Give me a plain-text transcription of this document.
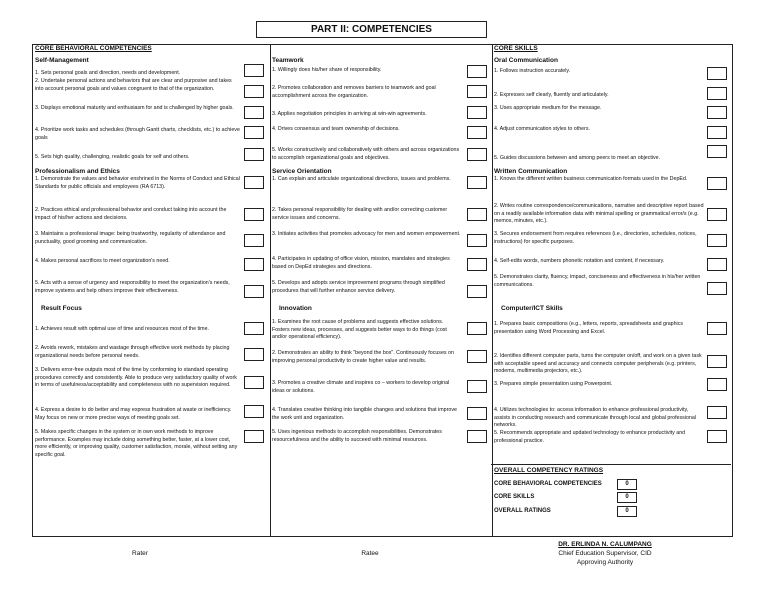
PART II: COMPETENCIES
CORE BEHAVIORAL COMPETENCIES
Self-Management
1. Sets personal goals and direction, needs and development.
2. Undertake personal actions and behaviors that are clear and purposive and takes into account personal goals and values congruent to that of the organization.
3. Displays emotional maturity and enthusiasm for and is challenged by higher goals.
4. Prioritize work tasks and schedules (through Gantt charts, checklists, etc.) to achieve goals
5. Sets high quality, challenging, realistic goals for self and others.
Professionalism and Ethics
1. Demonstrate the values and behavior enshrined in the Norms of Conduct and Ethical Standards for public officials and employees (RA 6713).
2. Practices ethical and professional behavior and conduct taking into account the impact of his/her actions and decisions.
3. Maintains a professional image: being trustworthy, regularity of attendance and punctuality, good grooming and communication.
4. Makes personal sacrifices to meet organization's need.
5. Acts with a sense of urgency and responsibility to meet the organization's needs, improve systems and help others improve their effectiveness.
Result Focus
1. Achieves result with optimal use of time and resources most of the time.
2. Avoids rework, mistakes and wastage through effective work methods by placing organizational needs before personal needs.
3. Delivers error-free outputs most of the time by conforming to standard operating procedures correctly and consistently. Able to produce very satisfactory quality of work in terms of usefulness/acceptability and completeness with no supervision required.
4. Express a desire to do better and may express frustration at waste or inefficiency. May focus on new or more precise ways of meeting goals set.
5. Makes specific changes in the system or in own work methods to improve performance. Examples may include doing something better, faster, at a lower cost, more efficiently, or improving quality, customer satisfaction, morale, without setting any specific goal.
Teamwork
1. Willingly does his/her share of responsibility.
2. Promotes collaboration and removes barriers to teamwork and goal accomplishment across the organization.
3. Applies negotiation principles in arriving at win-win agreements.
4. Drives consensus and team ownership of decisions.
5. Works constructively and collaboratively with others and across organizations to accomplish organizational goals and objectives.
Service Orientation
1. Can explain and articulate organizational directions, issues and problems.
2. Takes personal responsibility for dealing with and/or correcting customer service issues and concerns.
3. Initiates activities that promotes advocacy for men and women empowerment.
4. Participates in updating of office vision, mission, mandates and strategies based on DepEd strategies and directions.
5. Develops and adopts service improvement programs through simplified procedures that will further enhance service delivery.
Innovation
1. Examines the root cause of problems and suggests effective solutions. Fosters new ideas, processes, and suggests better ways to do things (cost and/or operational efficiency).
2. Demonstrates an ability to think "beyond the box". Continuously focuses on improving personal productivity to create higher value and results.
3. Promotes a creative climate and inspires co – workers to develop original ideas or solutions.
4. Translates creative thinking into tangible changes and solutions that improve the work unit and organization.
5. Uses ingenious methods to accomplish responsibilities. Demonstrates resourcefulness and the ability to succeed with minimal resources.
CORE SKILLS
Oral Communication
1. Follows instruction accurately.
2. Expresses self clearly, fluently and articulately.
3. Uses appropriate medium for the message.
4. Adjust communication styles to others.
5. Guides discussions between and among peers to meet an objective.
Written Communication
1. Knows the different written business communication formats used in the DepEd.
2. Writes routine correspondence/communications, narrative and descriptive report based on a readily available information data with minimal spelling or grammatical error/s (e.g. memos, minutes, etc.).
3. Secures endorsement from requires references (i.e., directories, schedules, notices, instructions) for specific purposes.
4. Self-edits words, numbers phonetic notation and content, if necessary.
5. Demonstrates clarity, fluency, impact, conciseness and effectiveness in his/her written communications.
Computer/ICT Skills
1. Prepares basic compositions (e.g., letters, reports, spreadsheets and graphics presentation using Word Processing and Excel.
2. Identifies different computer parts, turns the computer on/off, and work on a given task with acceptable speed and accuracy and connects computer peripherals (e.g. printers, modems, multimedia projectors, etc.).
3. Prepares simple presentation using Powerpoint.
4. Utilizes technologies to: access information to enhance professional productivity, assists in conducting research and communicate through local and global professional networks.
5. Recommends appropriate and updated technology to enhance productivity and professional practice.
OVERALL COMPETENCY RATINGS
CORE BEHAVIORAL COMPETENCIES	0
CORE SKILLS	0
OVERALL RATINGS	0
Rater	Ratee
DR. ERLINDA N. CALUMPANG
Chief Education Supervisor, CID
Approving Authority
